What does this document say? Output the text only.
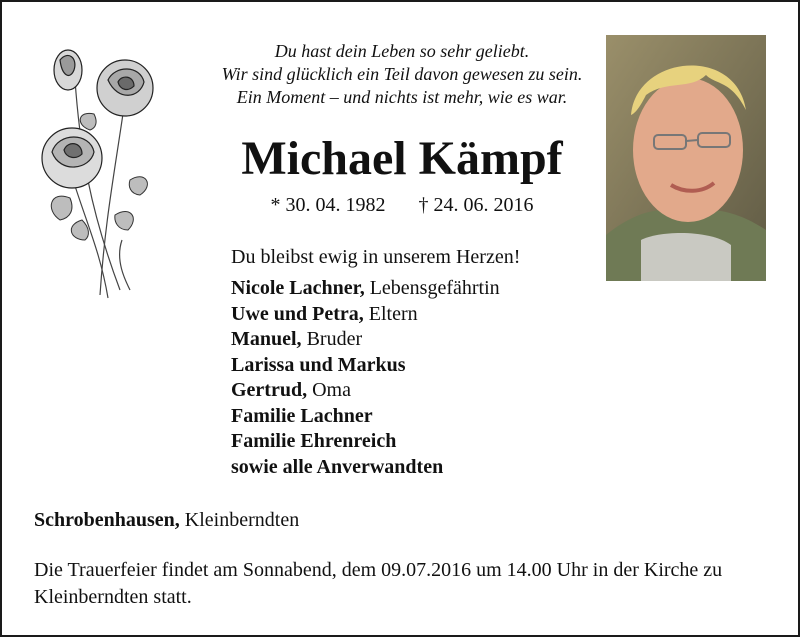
Du hast dein Leben so sehr geliebt.
Wir sind glücklich ein Teil davon gewesen zu sein.
Ein Moment – und nichts ist mehr, wie es war.
Michael Kämpf
* 30. 04. 1982 † 24. 06. 2016
Du bleibst ewig in unserem Herzen!
Nicole Lachner, Lebensgefährtin
Uwe und Petra, Eltern
Manuel, Bruder
Larissa und Markus
Gertrud, Oma
Familie Lachner
Familie Ehrenreich
sowie alle Anverwandten
Schrobenhausen, Kleinberndten
Die Trauerfeier findet am Sonnabend, dem 09.07.2016 um 14.00 Uhr in der Kirche zu Kleinberndten statt.
